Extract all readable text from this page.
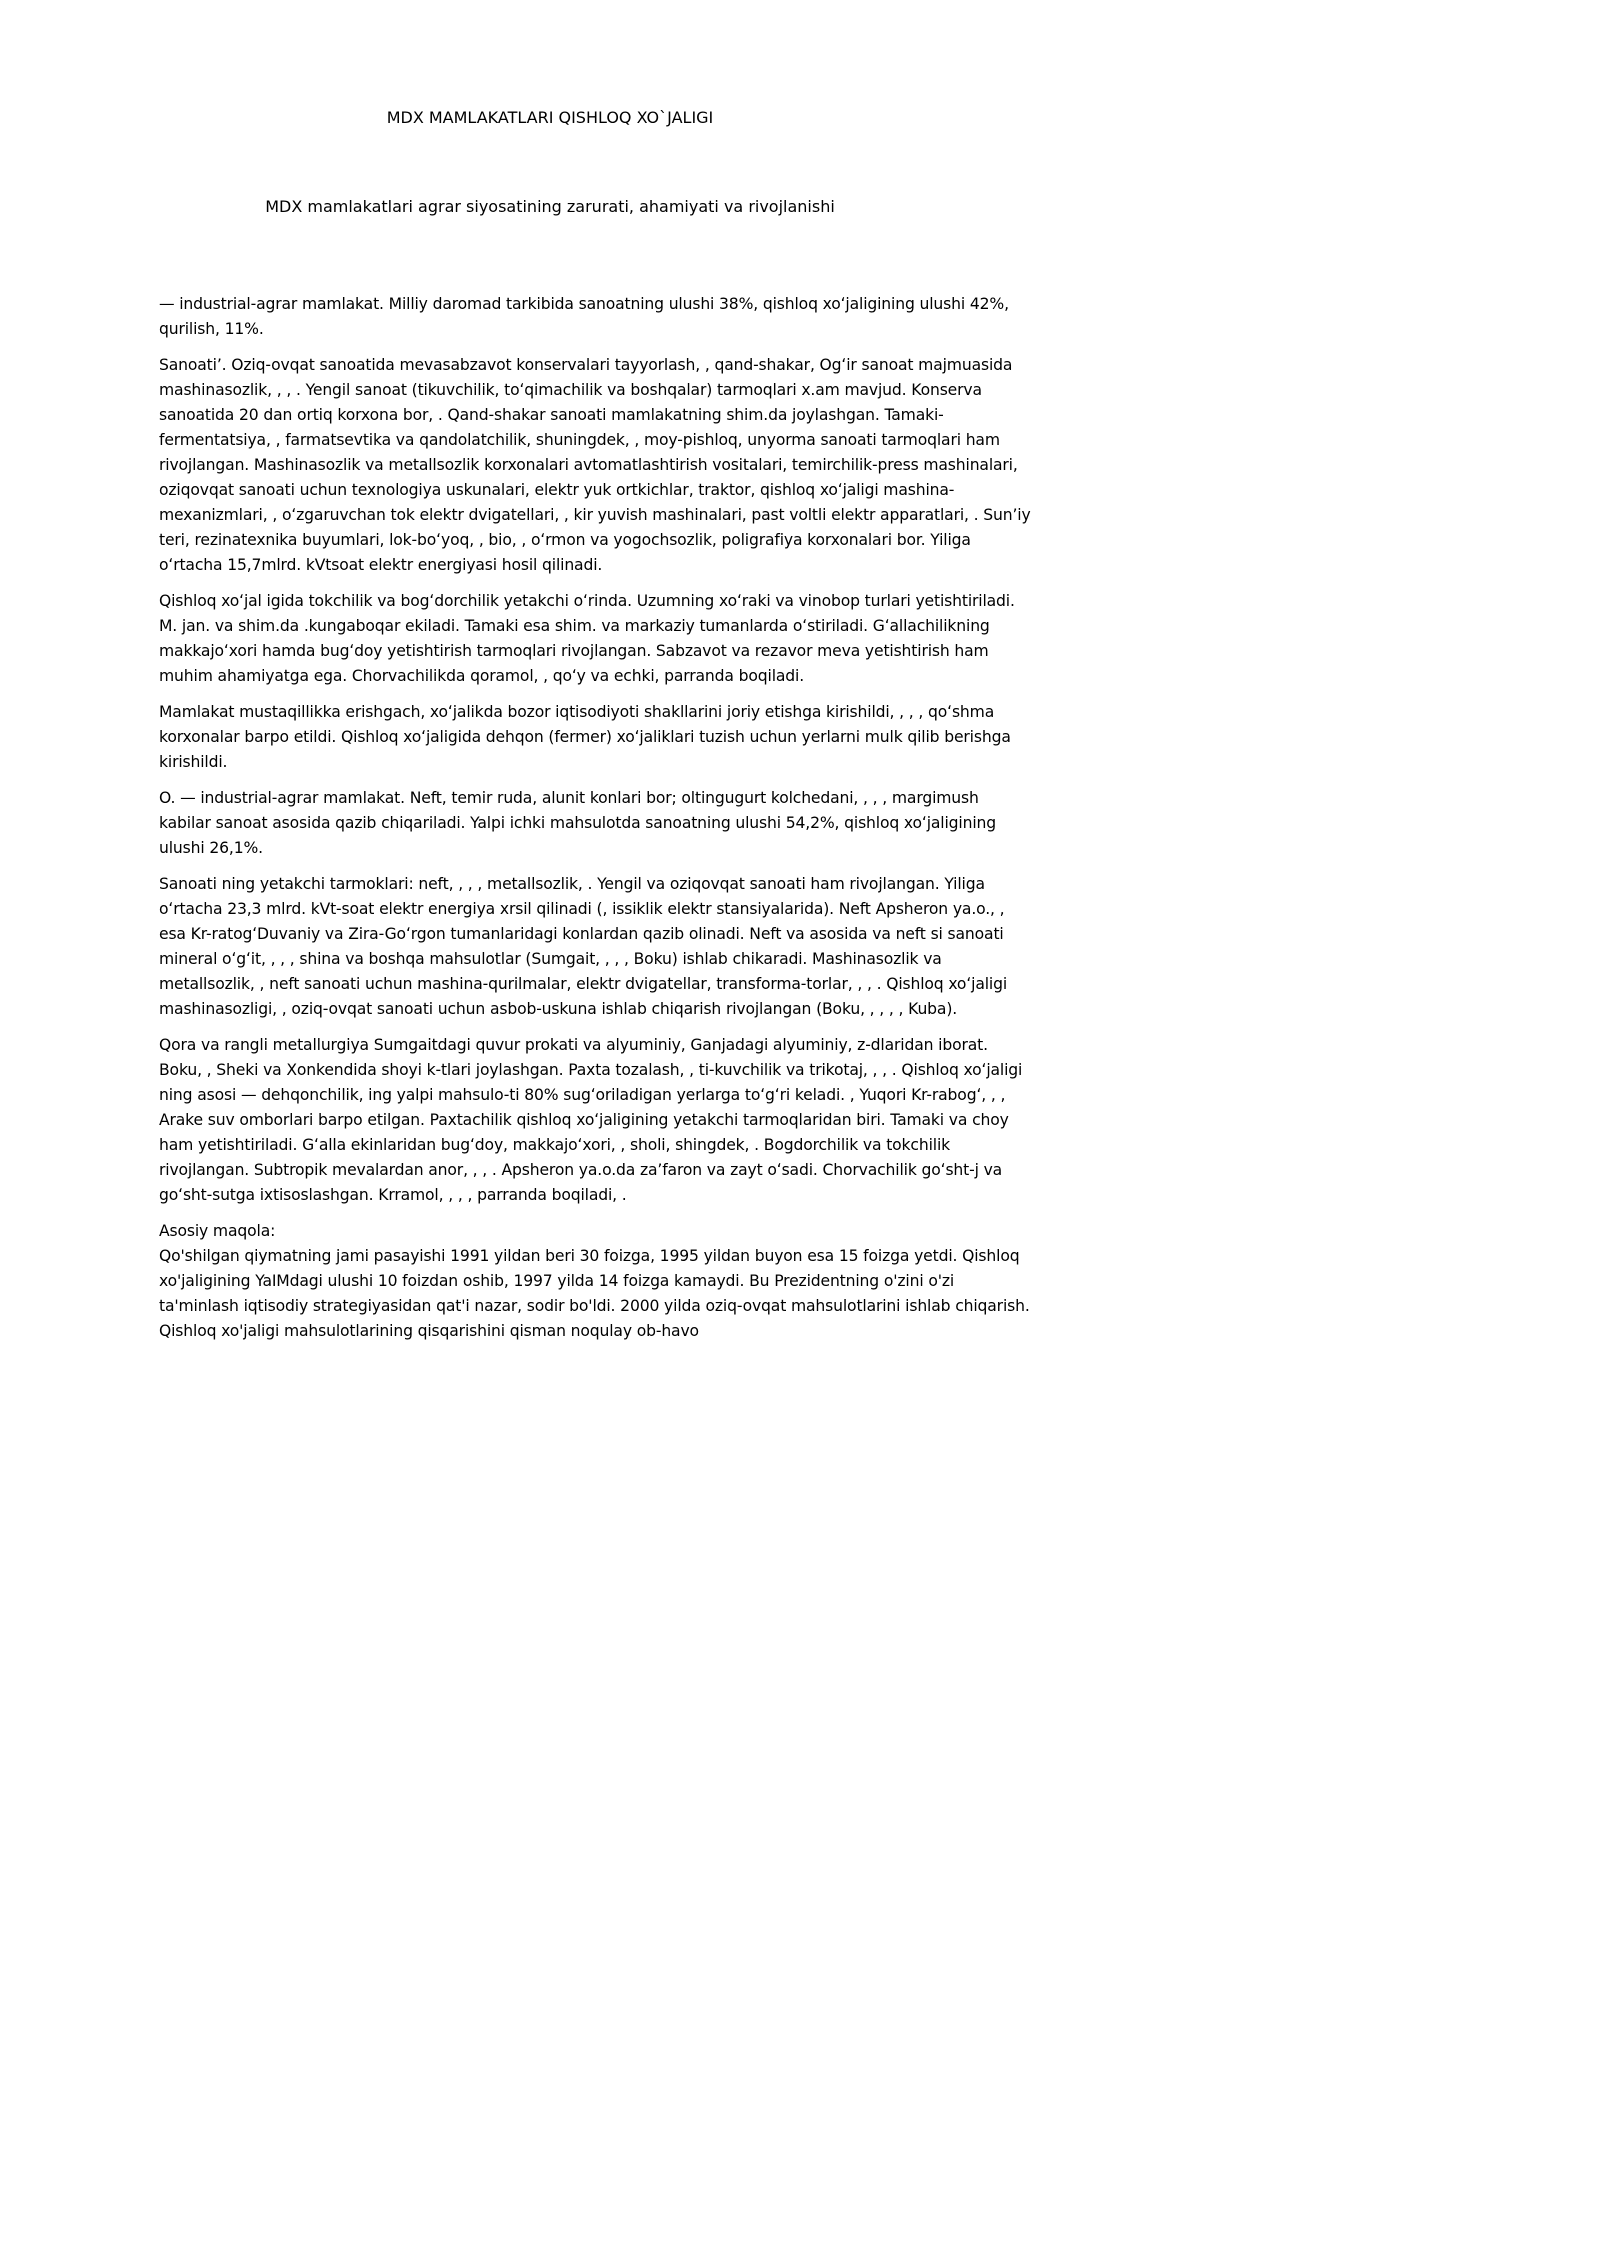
MDX MAMLAKATLARI QISHLOQ XO`JALIGI
MDX mamlakatlari agrar siyosatining zarurati, ahamiyati va rivojlanishi

— industrial-agrar mamlakat. Milliy daromad tarkibida sanoatning ulushi 38%, qishloq xoʻjaligining ulushi 42%, qurilish, 11%.

Sanoati’. Oziq-ovqat sanoatida mevasabzavot konservalari tayyorlash, , qand-shakar, Ogʻir sanoat majmuasida mashinasozlik, , , . Yengil sanoat (tikuvchilik, toʻqimachilik va boshqalar) tarmoqlari x.am mavjud. Konserva sanoatida 20 dan ortiq korxona bor, . Qand-shakar sanoati mamlakatning shim.da joylashgan. Tamaki-fermentatsiya, , farmatsevtika va qandolatchilik, shuningdek, , moy-pishloq, unyorma sanoati tarmoqlari ham rivojlangan. Mashinasozlik va metallsozlik korxonalari avtomatlashtirish vositalari, temirchilik-press mashinalari, oziqovqat sanoati uchun texnologiya uskunalari, elektr yuk ortkichlar, traktor, qishloq xoʻjaligi mashina-mexanizmlari, , oʻzgaruvchan tok elektr dvigatellari, , kir yuvish mashinalari, past voltli elektr apparatlari, . Sun’iy teri, rezinatexnika buyumlari, lok-boʻyoq, , bio, , oʻrmon va yogochsozlik, poligrafiya korxonalari bor. Yiliga oʻrtacha 15,7mlrd. kVtsoat elektr energiyasi hosil qilinadi.

Qishloq xoʻjal igida tokchilik va bogʻdorchilik yetakchi oʻrinda. Uzumning xoʻraki va vinobop turlari yetishtiriladi. M. jan. va shim.da .kungaboqar ekiladi. Tamaki esa shim. va markaziy tumanlarda oʻstiriladi. Gʻallachilikning makkajoʻxori hamda bugʻdoy yetishtirish tarmoqlari rivojlangan. Sabzavot va rezavor meva yetishtirish ham muhim ahamiyatga ega. Chorvachilikda qoramol, , qoʻy va echki, parranda boqiladi.

Mamlakat mustaqillikka erishgach, xoʻjalikda bozor iqtisodiyoti shakllarini joriy etishga kirishildi, , , , qoʻshma korxonalar barpo etildi. Qishloq xoʻjaligida dehqon (fermer) xoʻjaliklari tuzish uchun yerlarni mulk qilib berishga kirishildi.

O. — industrial-agrar mamlakat. Neft, temir ruda, alunit konlari bor; oltingugurt kolchedani, , , , margimush kabilar sanoat asosida qazib chiqariladi. Yalpi ichki mahsulotda sanoatning ulushi 54,2%, qishloq xoʻjaligining ulushi 26,1%.

Sanoati ning yetakchi tarmoklari: neft, , , , metallsozlik, . Yengil va oziqovqat sanoati ham rivojlangan. Yiliga oʻrtacha 23,3 mlrd. kVt-soat elektr energiya xrsil qilinadi (, issiklik elektr stansiyalarida). Neft Apsheron ya.o., , esa Kr-ratogʻDuvaniy va Zira-Goʻrgon tumanlaridagi konlardan qazib olinadi. Neft va asosida va neft si sanoati mineral oʻgʻit, , , , shina va boshqa mahsulotlar (Sumgait, , , , Boku) ishlab chikaradi. Mashinasozlik va metallsozlik, , neft sanoati uchun mashina-qurilmalar, elektr dvigatellar, transforma-torlar, , , . Qishloq xoʻjaligi mashinasozligi, , oziq-ovqat sanoati uchun asbob-uskuna ishlab chiqarish rivojlangan (Boku, , , , , Kuba).

Qora va rangli metallurgiya Sumgaitdagi quvur prokati va alyuminiy, Ganjadagi alyuminiy, z-dlaridan iborat. Boku, , Sheki va Xonkendida shoyi k-tlari joylashgan. Paxta tozalash, , ti-kuvchilik va trikotaj, , , . Qishloq xoʻjaligi ning asosi — dehqonchilik, ing yalpi mahsulo-ti 80% sugʻoriladigan yerlarga toʻgʻri keladi. , Yuqori Kr-rabogʻ, , , Arake suv omborlari barpo etilgan. Paxtachilik qishloq xoʻjaligining yetakchi tarmoqlaridan biri. Tamaki va choy ham yetishtiriladi. Gʻalla ekinlaridan bugʻdoy, makkajoʻxori, , sholi, shingdek, . Bogdorchilik va tokchilik rivojlangan. Subtropik mevalardan anor, , , . Apsheron ya.o.da za’faron va zayt oʻsadi. Chorvachilik goʻsht-j va goʻsht-sutga ixtisoslashgan. Krramol, , , , parranda boqiladi, .

Asosiy maqola:

Qo'shilgan qiymatning jami pasayishi 1991 yildan beri 30 foizga, 1995 yildan buyon esa 15 foizga yetdi. Qishloq xo'jaligining YaIMdagi ulushi 10 foizdan oshib, 1997 yilda 14 foizga kamaydi. Bu Prezidentning o'zini o'zi ta'minlash iqtisodiy strategiyasidan qat'i nazar, sodir bo'ldi. 2000 yilda oziq-ovqat mahsulotlarini ishlab chiqarish. Qishloq xo'jaligi mahsulotlarining qisqarishini qisman noqulay ob-havo
